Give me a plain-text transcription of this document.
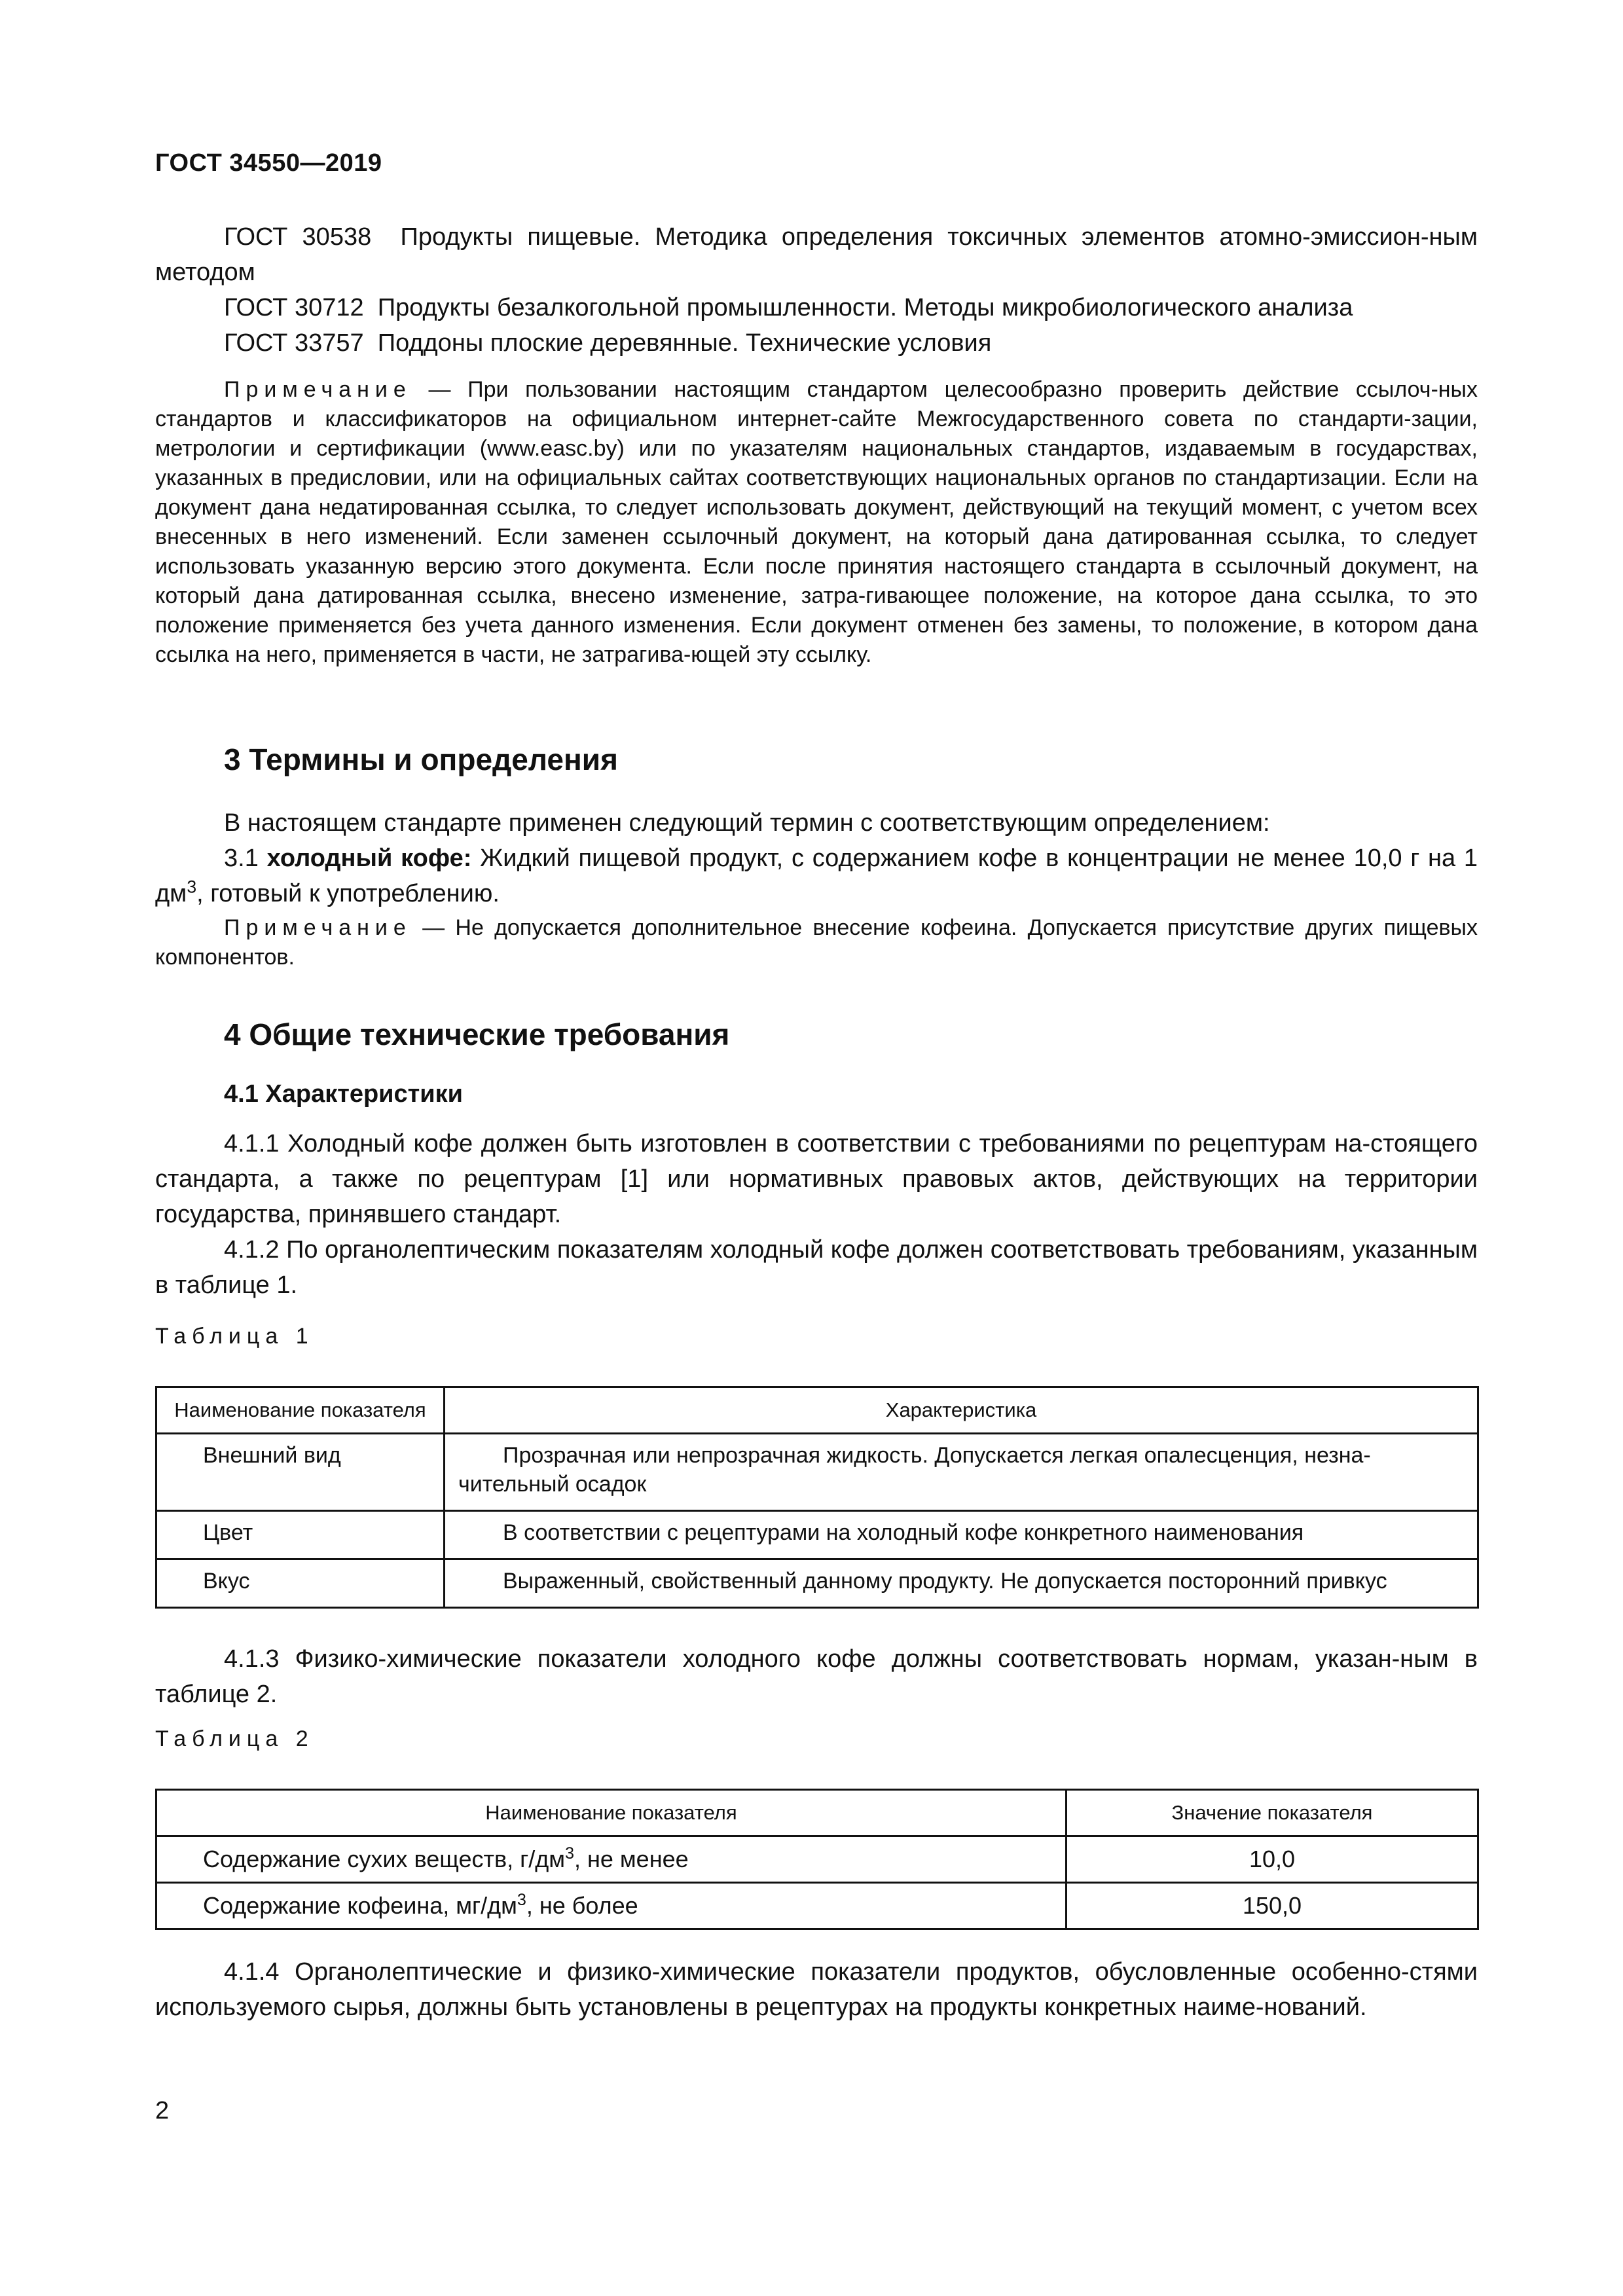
ГОСТ 34550—2019

ГОСТ 30538 Продукты пищевые. Методика определения токсичных элементов атомно-эмиссион-ным методом

ГОСТ 30712 Продукты безалкогольной промышленности. Методы микробиологического анализа

ГОСТ 33757 Поддоны плоские деревянные. Технические условия

Примечание — При пользовании настоящим стандартом целесообразно проверить действие ссылоч-ных стандартов и классификаторов на официальном интернет-сайте Межгосударственного совета по стандарти-зации, метрологии и сертификации (www.easc.by) или по указателям национальных стандартов, издаваемым в государствах, указанных в предисловии, или на официальных сайтах соответствующих национальных органов по стандартизации. Если на документ дана недатированная ссылка, то следует использовать документ, действующий на текущий момент, с учетом всех внесенных в него изменений. Если заменен ссылочный документ, на который дана датированная ссылка, то следует использовать указанную версию этого документа. Если после принятия настоящего стандарта в ссылочный документ, на который дана датированная ссылка, внесено изменение, затра-гивающее положение, на которое дана ссылка, то это положение применяется без учета данного изменения. Если документ отменен без замены, то положение, в котором дана ссылка на него, применяется в части, не затрагива-ющей эту ссылку.

3 Термины и определения

В настоящем стандарте применен следующий термин с соответствующим определением:

3.1 холодный кофе: Жидкий пищевой продукт, с содержанием кофе в концентрации не менее 10,0 г на 1 $дм^3$, готовый к употреблению.

Примечание — Не допускается дополнительное внесение кофеина. Допускается присутствие других пищевых компонентов.

4 Общие технические требования
4.1 Характеристики

4.1.1 Холодный кофе должен быть изготовлен в соответствии с требованиями по рецептурам на-стоящего стандарта, а также по рецептурам [1] или нормативных правовых актов, действующих на территории государства, принявшего стандарт.

4.1.2 По органолептическим показателям холодный кофе должен соответствовать требованиям, указанным в таблице 1.

Таблица 1
Наименование показателя	Характеристика
Внешний вид	Прозрачная или непрозрачная жидкость. Допускается легкая опалесценция, незна-чительный осадок
Цвет	В соответствии с рецептурами на холодный кофе конкретного наименования
Вкус	Выраженный, свойственный данному продукту. Не допускается посторонний привкус

4.1.3 Физико-химические показатели холодного кофе должны соответствовать нормам, указан-ным в таблице 2.

Таблица 2
Наименование показателя	Значение показателя
Содержание сухих веществ, $г/дм^3$, не менее	10,0
Содержание кофеина, $мг/дм^3$, не более	150,0

4.1.4 Органолептические и физико-химические показатели продуктов, обусловленные особенно-стями используемого сырья, должны быть установлены в рецептурах на продукты конкретных наиме-нований.

2
